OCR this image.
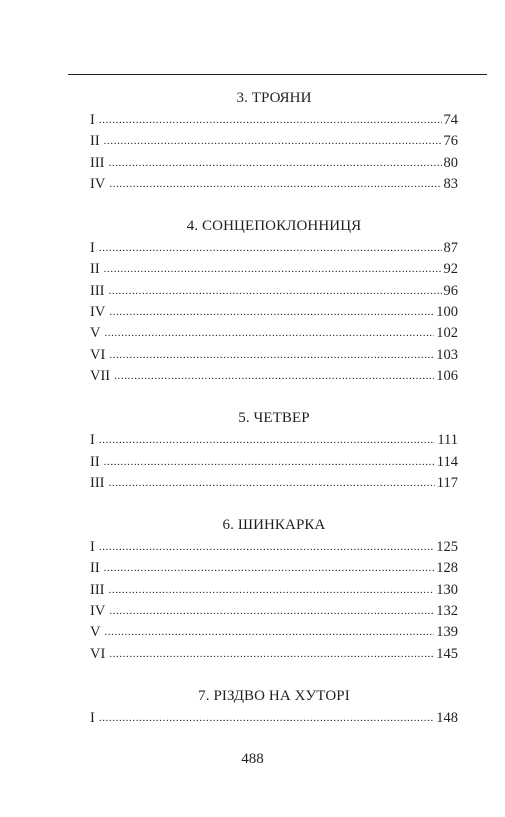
3. ТРОЯНИ
I .....	74
II .....	76
III .....	80
IV .....	83
4. СОНЦЕПОКЛОННИЦЯ
I .....	87
II .....	92
III .....	96
IV .....	100
V .....	102
VI .....	103
VII .....	106
5. ЧЕТВЕР
I .....	111
II .....	114
III .....	117
6. ШИНКАРКА
I .....	125
II .....	128
III .....	130
IV .....	132
V .....	139
VI .....	145
7. РІЗДВО НА ХУТОРІ
I .....	148
488
